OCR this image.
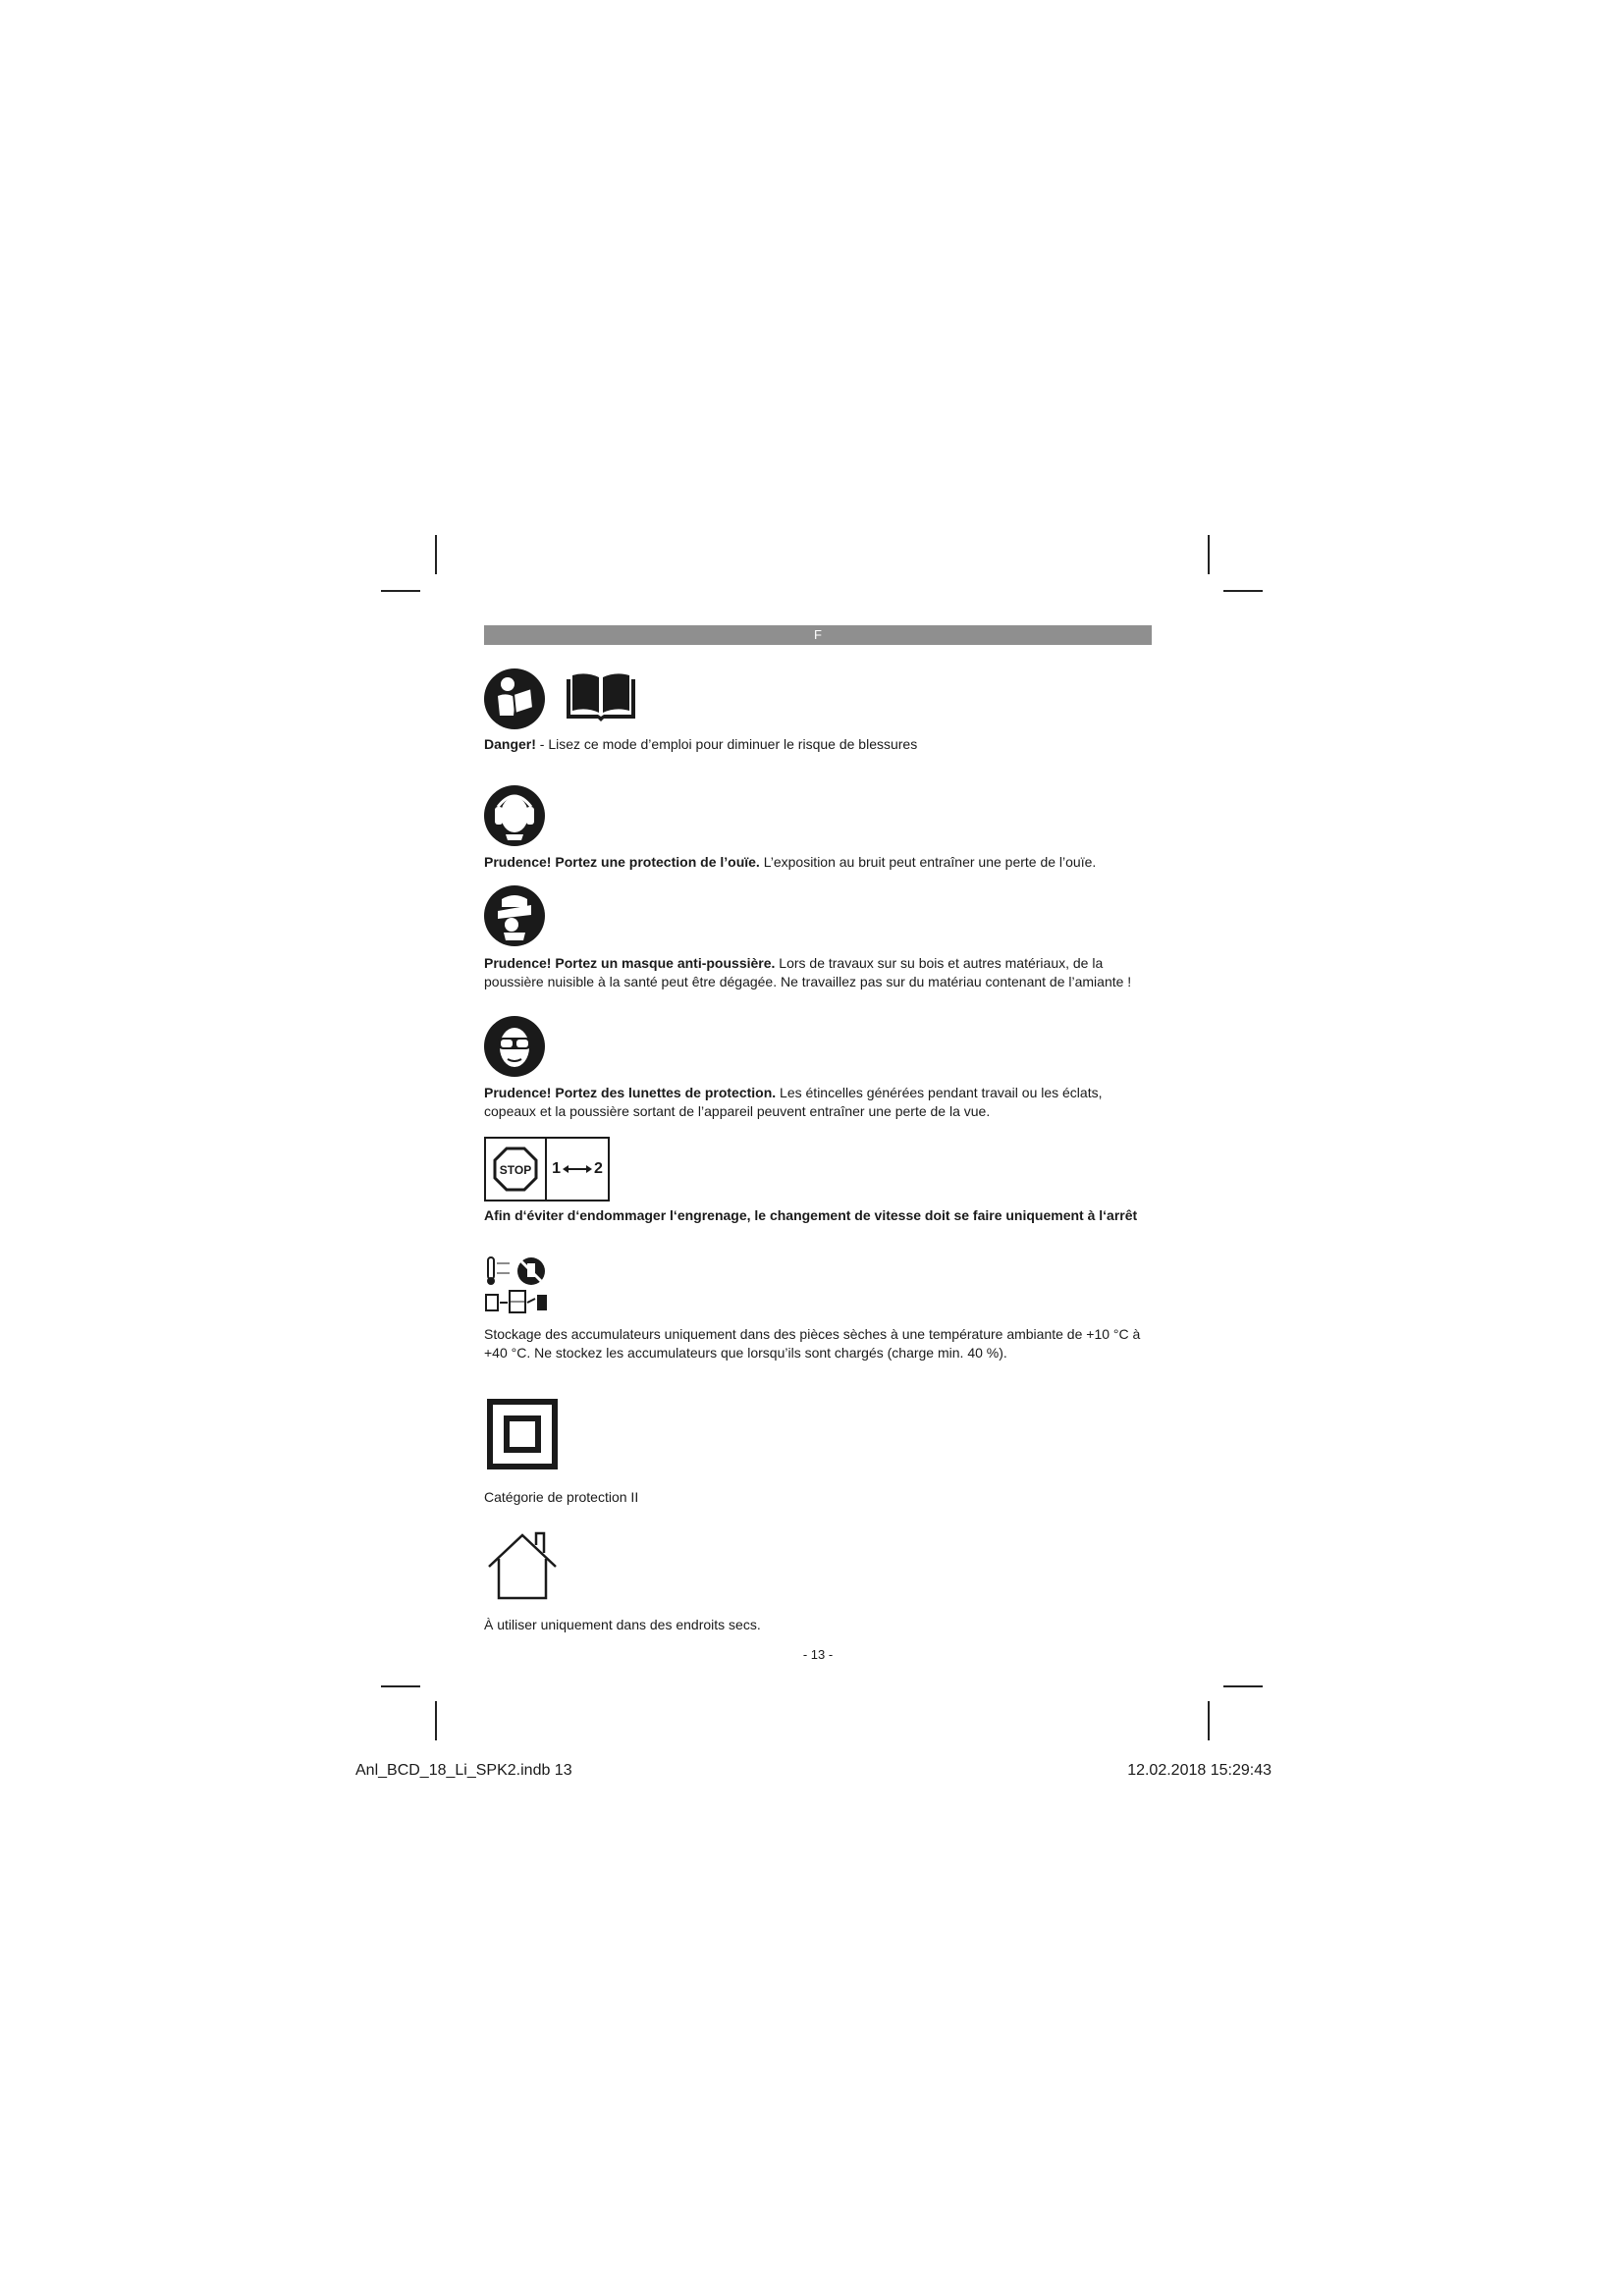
F
Danger! - Lisez ce mode d’emploi pour diminuer le risque de blessures
Prudence! Portez une protection de l’ouïe. L’exposition au bruit peut entraîner une perte de l’ouïe.
Prudence! Portez un masque anti-poussière. Lors de travaux sur su bois et autres matériaux, de la poussière nuisible à la santé peut être dégagée. Ne travaillez pas sur du matériau contenant de l’amiante !
Prudence! Portez des lunettes de protection. Les étincelles générées pendant travail ou les éclats, copeaux et la poussière sortant de l’appareil peuvent entraîner une perte de la vue.
STOP 1 2
Afin d‘éviter d‘endommager l‘engrenage, le changement de vitesse doit se faire uniquement à l‘arrêt
Stockage des accumulateurs uniquement dans des pièces sèches à une température ambiante de +10 °C à +40 °C. Ne stockez les accumulateurs que lorsqu’ils sont chargés (charge min. 40 %).
Catégorie de protection II
À utiliser uniquement dans des endroits secs.
- 13 -
Anl_BCD_18_Li_SPK2.indb 13	12.02.2018 15:29:43
